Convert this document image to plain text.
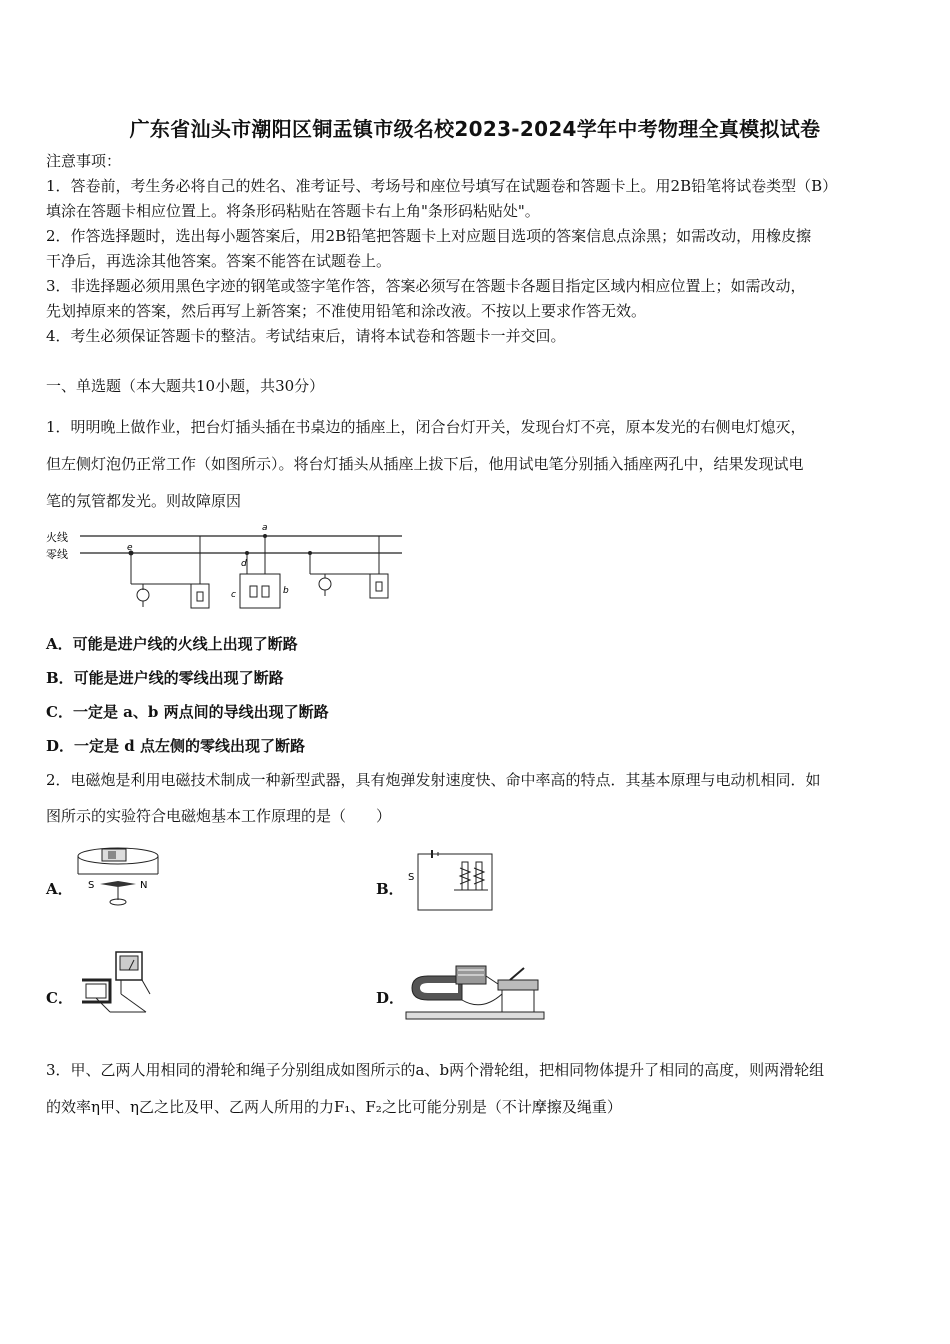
广东省汕头市潮阳区铜盂镇市级名校2023-2024学年中考物理全真模拟试卷
注意事项：
1．答卷前，考生务必将自己的姓名、准考证号、考场号和座位号填写在试题卷和答题卡上。用2B铅笔将试卷类型（B）
填涂在答题卡相应位置上。将条形码粘贴在答题卡右上角"条形码粘贴处"。
2．作答选择题时，选出每小题答案后，用2B铅笔把答题卡上对应题目选项的答案信息点涂黑；如需改动，用橡皮擦
干净后，再选涂其他答案。答案不能答在试题卷上。
3．非选择题必须用黑色字迹的钢笔或签字笔作答，答案必须写在答题卡各题目指定区域内相应位置上；如需改动，
先划掉原来的答案，然后再写上新答案；不准使用铅笔和涂改液。不按以上要求作答无效。
4．考生必须保证答题卡的整洁。考试结束后，请将本试卷和答题卡一并交回。
一、单选题（本大题共10小题，共30分）
1．明明晚上做作业，把台灯插头插在书桌边的插座上，闭合台灯开关，发现台灯不亮，原本发光的右侧电灯熄灭，
但左侧灯泡仍正常工作（如图所示）。将台灯插头从插座上拔下后，他用试电笔分别插入插座两孔中，结果发现试电
笔的氖管都发光。则故障原因
火线
零线	e
a
d
c	b
A．可能是进户线的火线上出现了断路
B．可能是进户线的零线出现了断路
C．一定是 a、b 两点间的导线出现了断路
D．一定是 d 点左侧的零线出现了断路
2．电磁炮是利用电磁技术制成一种新型武器，具有炮弹发射速度快、命中率高的特点．其基本原理与电动机相同．如
图所示的实验符合电磁炮基本工作原理的是（　　）
A． S	N	B．
S
C．	D．
3．甲、乙两人用相同的滑轮和绳子分别组成如图所示的a、b两个滑轮组，把相同物体提升了相同的高度，则两滑轮组
的效率η甲、η乙之比及甲、乙两人所用的力F₁、F₂之比可能分别是（不计摩擦及绳重）
